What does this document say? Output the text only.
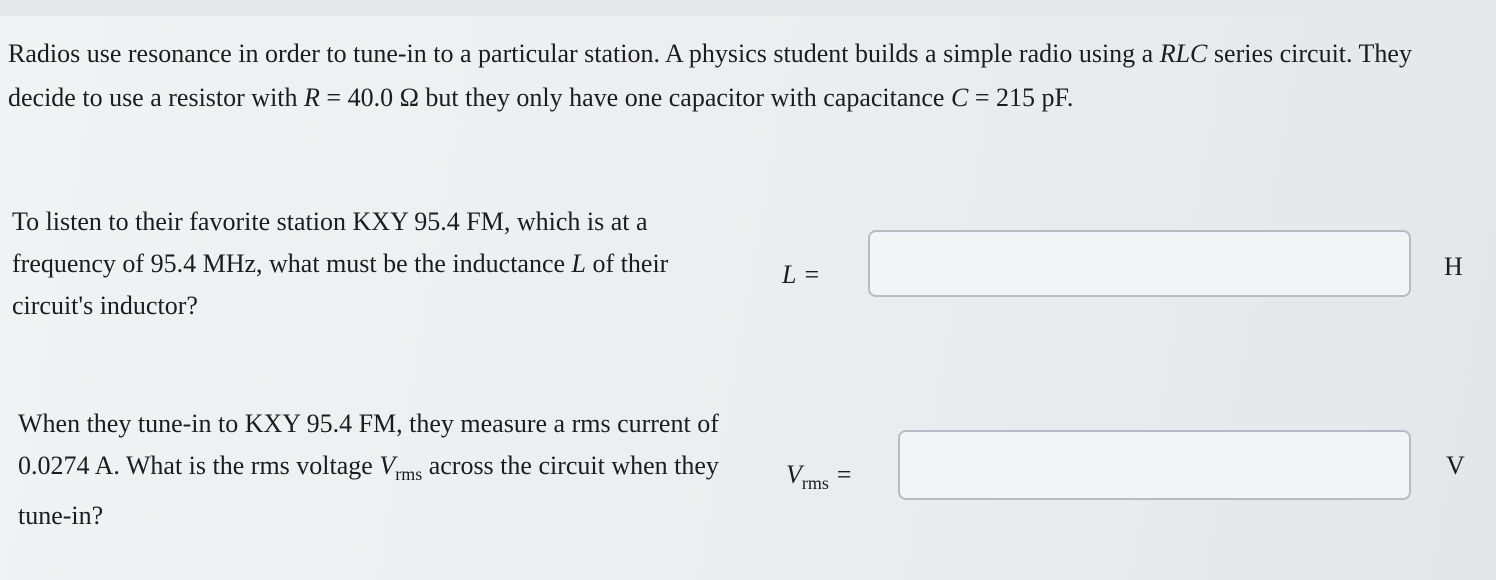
Radios use resonance in order to tune-in to a particular station. A physics student builds a simple radio using a RLC series circuit. They decide to use a resistor with R = 40.0 Ω but they only have one capacitor with capacitance C = 215 pF.

To listen to their favorite station KXY 95.4 FM, which is at a frequency of 95.4 MHz, what must be the inductance L of their circuit's inductor?

L =	H

When they tune-in to KXY 95.4 FM, they measure a rms current of 0.0274 A. What is the rms voltage $V_{rms}$ across the circuit when they tune-in?

$V_{rms}$ =	V
